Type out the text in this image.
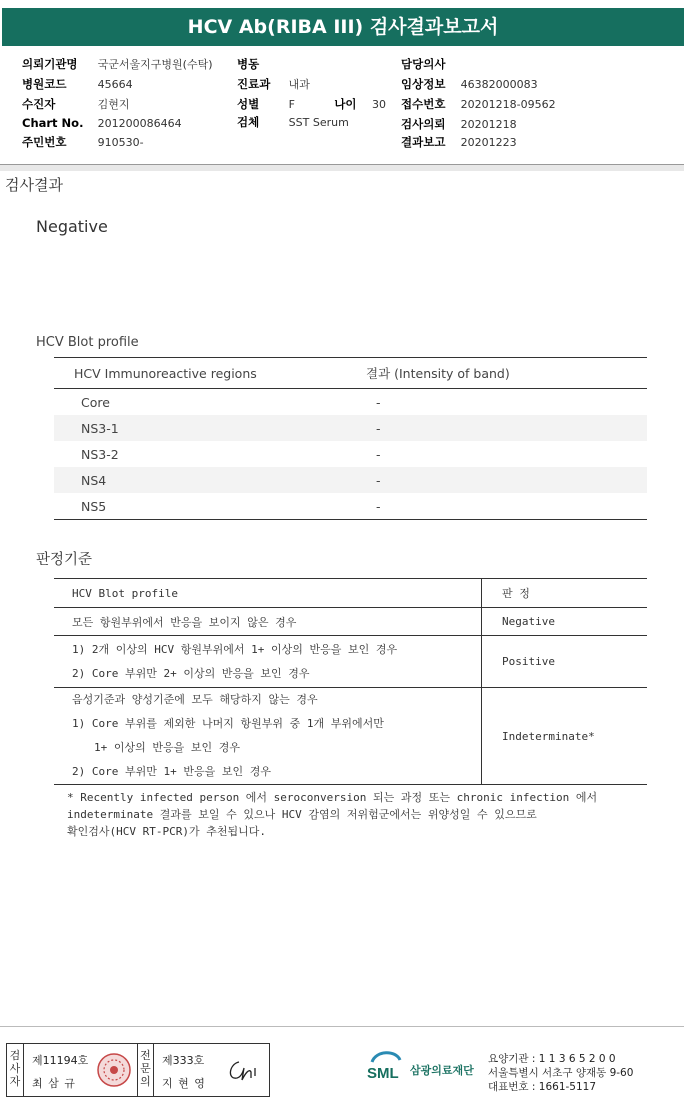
HCV Ab(RIBA III) 검사결과보고서
의뢰기관명 국군서울지구병원(수탁)
병원코드	45664
수진자	김현지
Chart No. 201200086464
주민번호	910530-
병동
진료과 내과
성별	F	나이 30
검체	SST Serum
담당의사
임상정보 46382000083
접수번호 20201218-09562
검사의뢰 20201218
결과보고 20201223
검사결과
Negative
HCV Blot profile
HCV Immunoreactive regions	결과 (Intensity of band)
Core	-
NS3-1	-
NS3-2	-
NS4	-
NS5	-
판정기준
HCV Blot profile	판 정
모든 항원부위에서 반응을 보이지 않은 경우	Negative

1) 2개 이상의 HCV 항원부위에서 1+ 이상의 반응을 보인 경우
2) Core 부위만 2+ 이상의 반응을 보인 경우	Positive

음성기준과 양성기준에 모두 해당하지 않는 경우
1) Core 부위를 제외한 나머지 항원부위 중 1개 부위에서만
1+ 이상의 반응을 보인 경우
2) Core 부위만 1+ 반응을 보인 경우	Indeterminate*
* Recently infected person 에서 seroconversion 되는 과정 또는 chronic infection 에서
indeterminate 결과를 보일 수 있으나 HCV 감염의 저위험군에서는 위양성일 수 있으므로
확인검사(HCV RT-PCR)가 추천됩니다.
검사자
제11194호
최 삼 규
전문의
제333호
지 현 영
SML 삼광의료재단
요양기관 : 1 1 3 6 5 2 0 0
서울특별시 서초구 양재동 9-60
대표번호 : 1661-5117
